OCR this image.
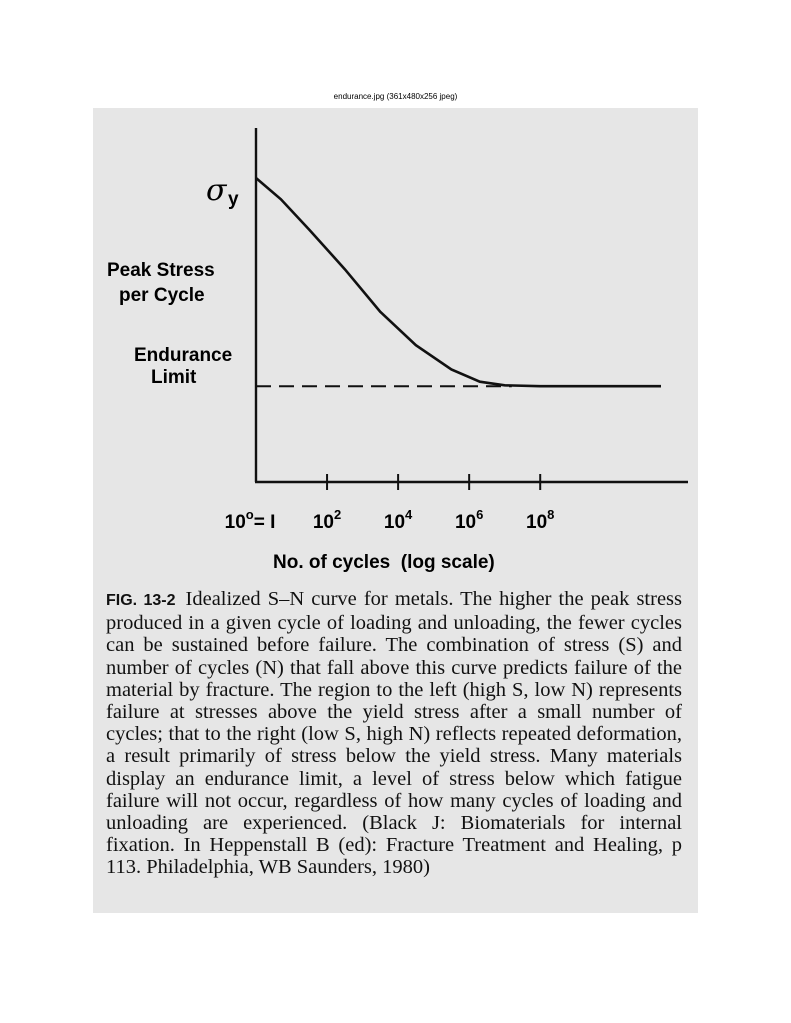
endurance.jpg (361x480x256 jpeg)
Peak Stress
per Cycle
σ y
Endurance
Limit
$10^o= I$ $10^2$ $10^4$ $10^6$ $10^8$
No. of cycles  (log scale)
FIG. 13-2 Idealized S–N curve for metals. The higher the peak stress produced in a given cycle of loading and unloading, the fewer cycles can be sustained before failure. The combination of stress (S) and number of cycles (N) that fall above this curve predicts failure of the material by fracture. The region to the left (high S, low N) represents failure at stresses above the yield stress after a small number of cycles; that to the right (low S, high N) reflects repeated deformation, a result primarily of stress below the yield stress. Many materials display an endurance limit, a level of stress below which fatigue failure will not occur, regardless of how many cycles of loading and unloading are experienced. (Black J: Biomaterials for internal fixation. In Heppenstall B (ed): Fracture Treatment and Healing, p 113. Philadelphia, WB Saunders, 1980)
